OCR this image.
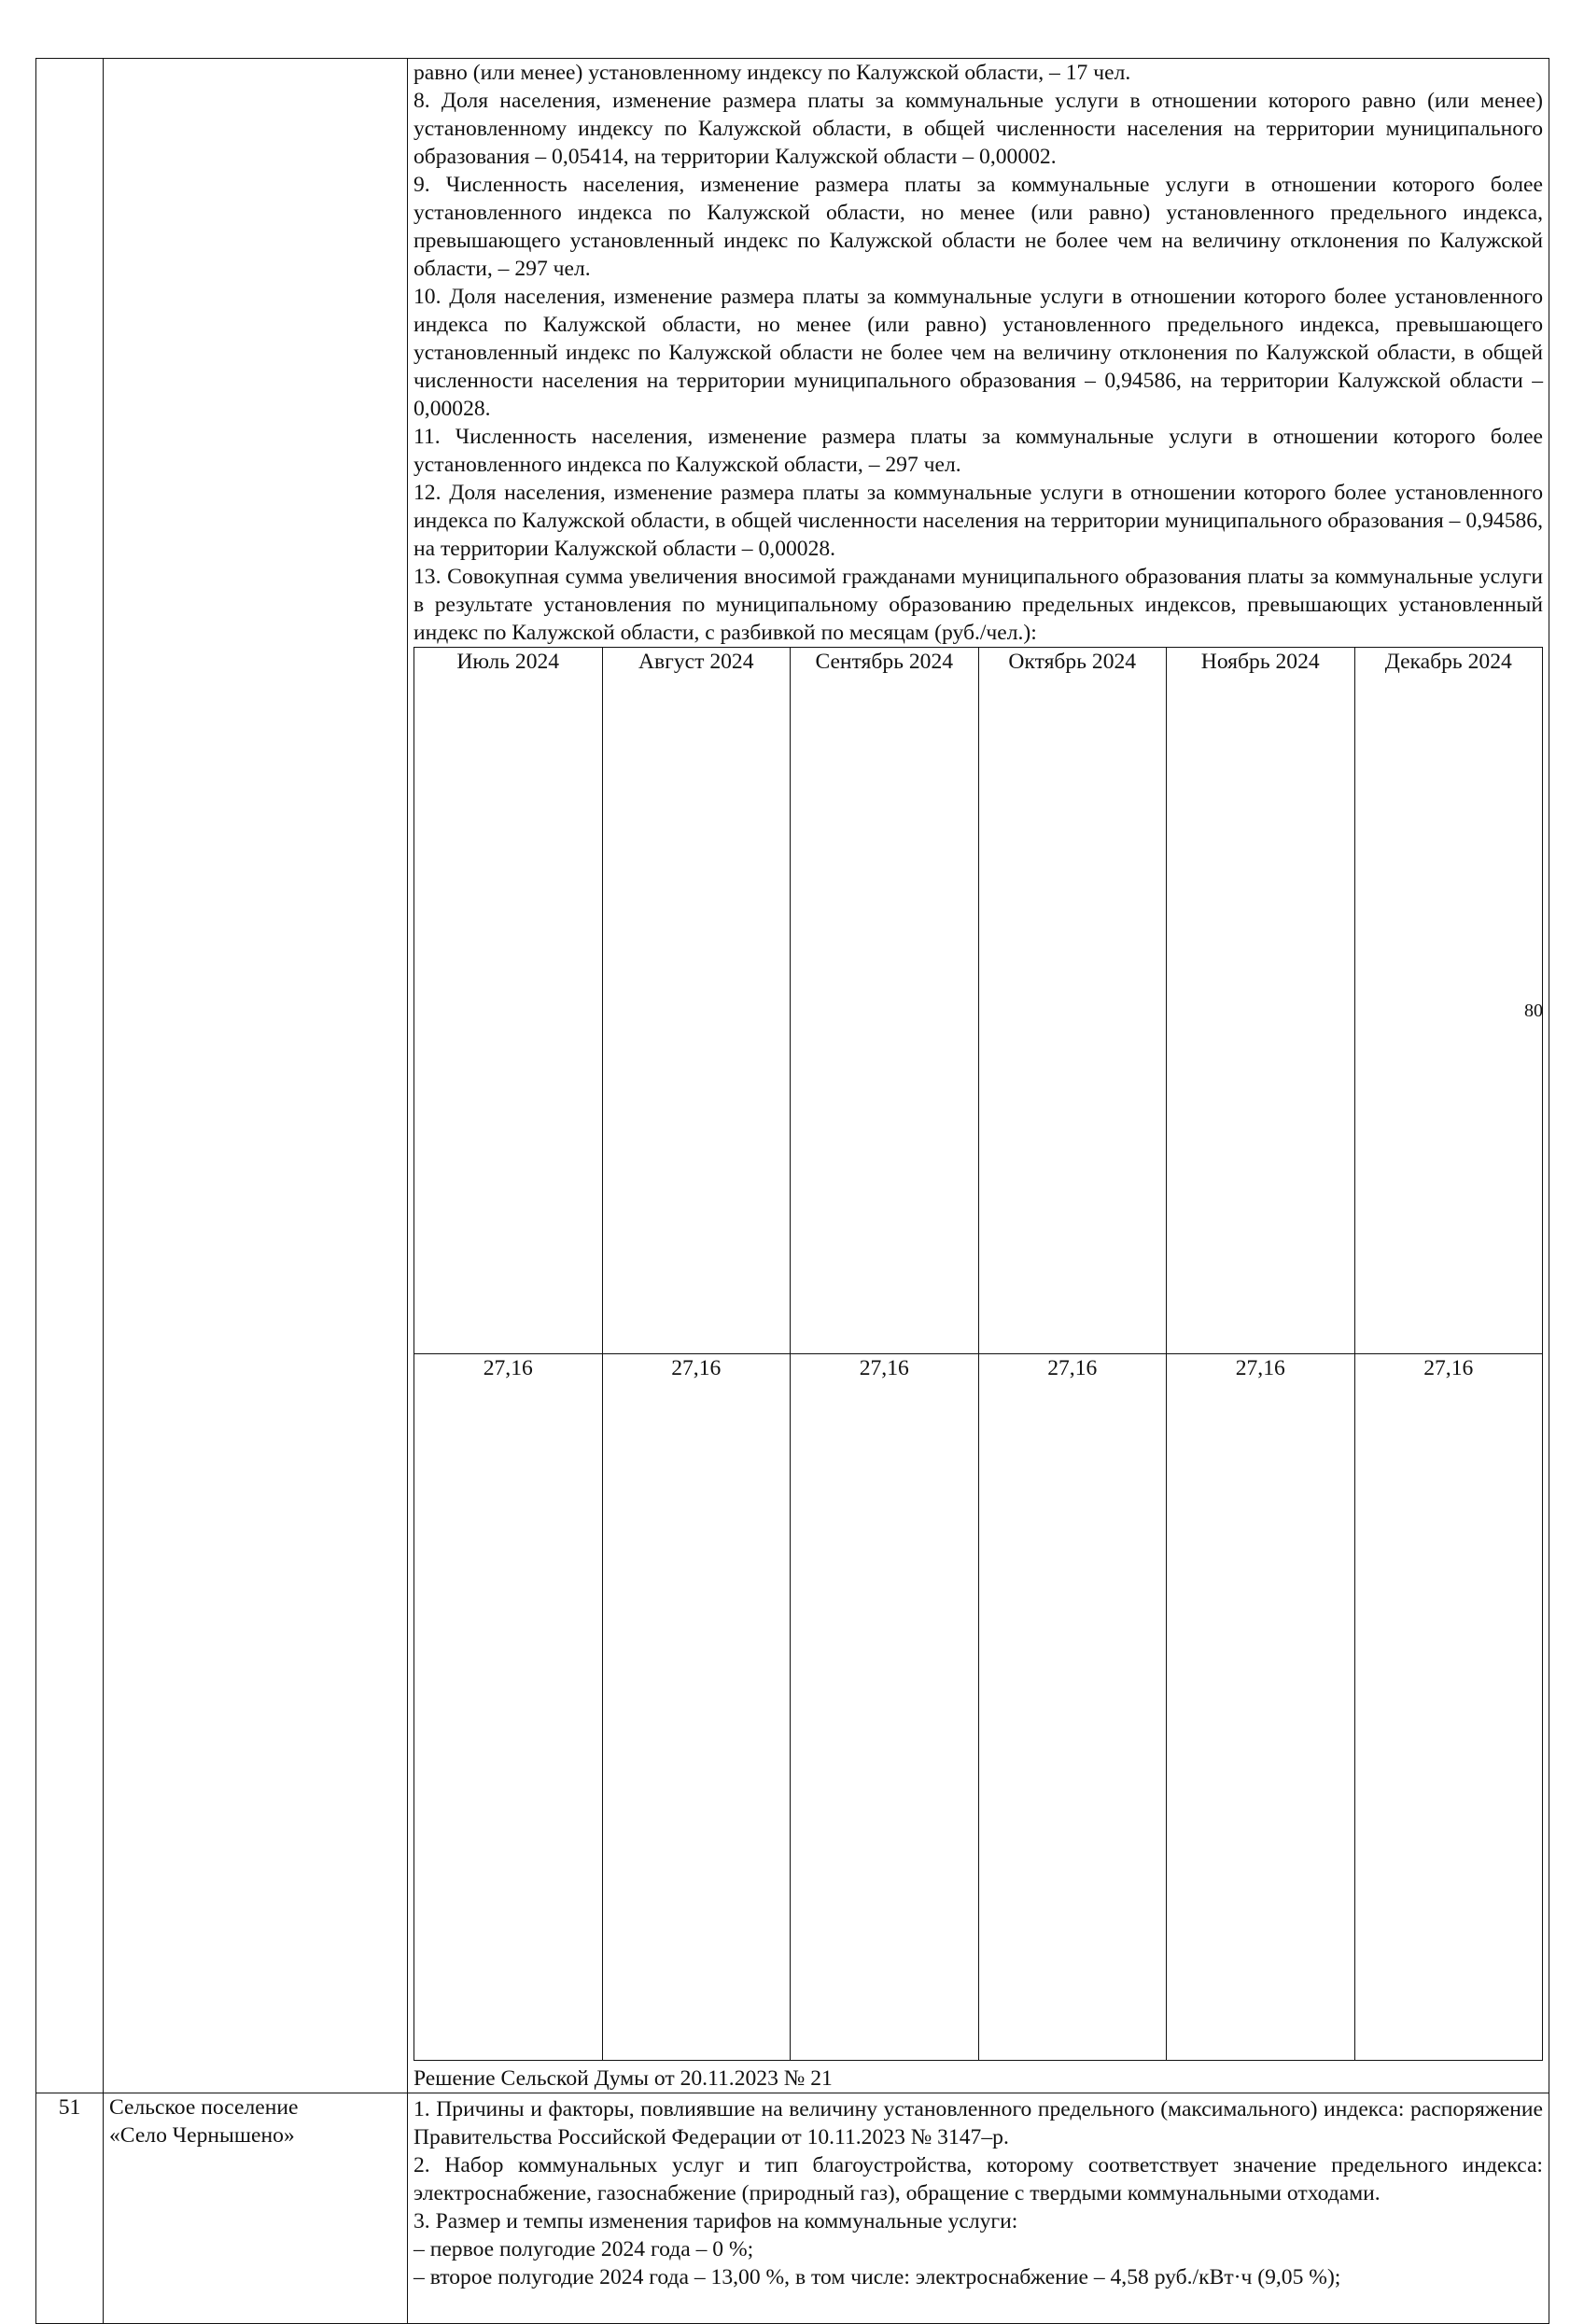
равно (или менее) установленному индексу по Калужской области, – 17 чел.

8. Доля населения, изменение размера платы за коммунальные услуги в отношении которого равно (или менее) установленному индексу по Калужской области, в общей численности населения на территории муниципального образования – 0,05414, на территории Калужской области – 0,00002.

9. Численность населения, изменение размера платы за коммунальные услуги в отношении которого более установленного индекса по Калужской области, но менее (или равно) установленного предельного индекса, превышающего установленный индекс по Калужской области не более чем на величину отклонения по Калужской области, – 297 чел.

10. Доля населения, изменение размера платы за коммунальные услуги в отношении которого более установленного индекса по Калужской области, но менее (или равно) установленного предельного индекса, превышающего установленный индекс по Калужской области не более чем на величину отклонения по Калужской области, в общей численности населения на территории муниципального образования – 0,94586, на территории Калужской области – 0,00028.

11. Численность населения, изменение размера платы за коммунальные услуги в отношении которого более установленного индекса по Калужской области, – 297 чел.

12. Доля населения, изменение размера платы за коммунальные услуги в отношении которого более установленного индекса по Калужской области, в общей численности населения на территории муниципального образования – 0,94586, на территории Калужской области – 0,00028.

13. Совокупная сумма увеличения вносимой гражданами муниципального образования платы за коммунальные услуги в результате установления по муниципальному образованию предельных индексов, превышающих установленный индекс по Калужской области, с разбивкой по месяцам (руб./чел.):

Июль 2024	Август 2024	Сентябрь 2024	Октябрь 2024	Ноябрь 2024	Декабрь 2024
27,16	27,16	27,16	27,16	27,16	27,16

Решение Сельской Думы от 20.11.2023 № 21

51	Сельское поселение
«Село Чернышено»

1. Причины и факторы, повлиявшие на величину установленного предельного (максимального) индекса: распоряжение Правительства Российской Федерации от 10.11.2023 № 3147–р.

2. Набор коммунальных услуг и тип благоустройства, которому соответствует значение предельного индекса: электроснабжение, газоснабжение (природный газ), обращение с твердыми коммунальными отходами.

3. Размер и темпы изменения тарифов на коммунальные услуги:

– первое полугодие 2024 года – 0 %;

– второе полугодие 2024 года – 13,00 %, в том числе: электроснабжение – 4,58 руб./кВт·ч (9,05 %);

80
